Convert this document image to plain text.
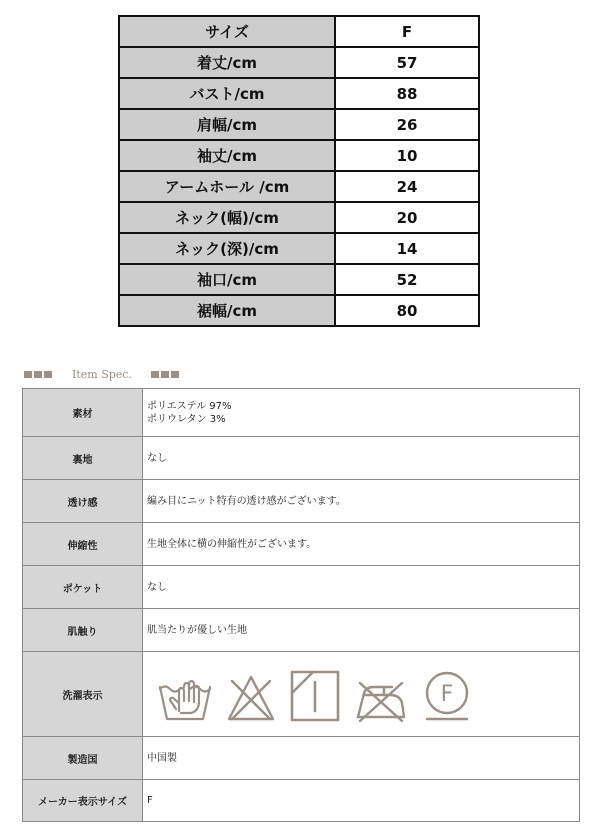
サイズ	F
着丈/cm	57
バスト/cm	88
肩幅/cm	26
袖丈/cm	10
アームホール /cm	24
ネック(幅)/cm	20
ネック(深)/cm	14
袖口/cm	52
裾幅/cm	80
Item Spec.
素材	ポリエステル 97%
ポリウレタン 3%

裏地	なし
透け感	編み目にニット特有の透け感がございます。
伸縮性	生地全体に横の伸縮性がございます。
ポケット	なし
肌触り	肌当たりが優しい生地
洗濯表示	F

製造国	中国製
メーカー表示サイズ	F
